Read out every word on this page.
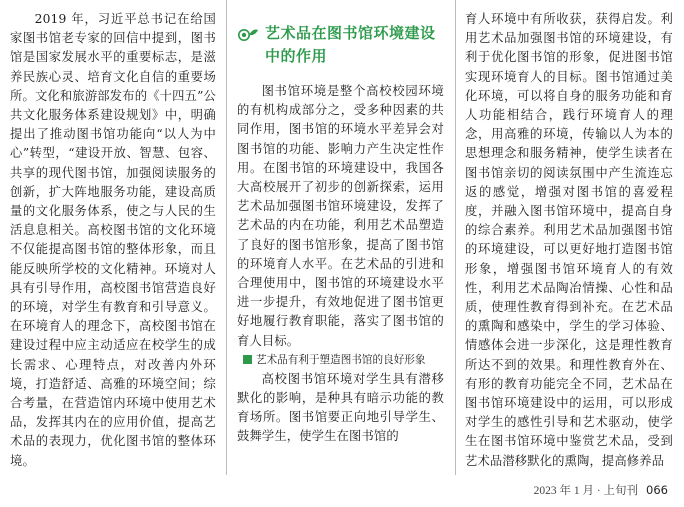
2019 年，习近平总书记在给国家图书馆老专家的回信中提到，图书馆是国家发展水平的重要标志，是滋养民族心灵、培育文化自信的重要场所。文化和旅游部发布的《十四五”公共文化服务体系建设规划》中，明确提出了推动图书馆功能向“以人为中心”转型，“建设开放、智慧、包容、共享的现代图书馆，加强阅读服务的创新，扩大阵地服务功能，建设高质量的文化服务体系，使之与人民的生活息息相关。高校图书馆的文化环境不仅能提高图书馆的整体形象，而且能反映所学校的文化精神。环境对人具有引导作用，高校图书馆营造良好的环境，对学生有教育和引导意义。在环境育人的理念下，高校图书馆在建设过程中应主动适应在校学生的成长需求、心理特点，对改善内外环境，打造舒适、高雅的环境空间；综合考量，在营造馆内环境中使用艺术品，发挥其内在的应用价值，提高艺术品的表现力，优化图书馆的整体环境。

艺术品在图书馆环境建设中的作用

图书馆环境是整个高校校园环境的有机构成部分之，受多种因素的共同作用，图书馆的环境水平差异会对图书馆的功能、影响力产生决定性作用。在图书馆的环境建设中，我国各大高校展开了初步的创新探索，运用艺术品加强图书馆环境建设，发挥了艺术品的内在功能，利用艺术品塑造了良好的图书馆形象，提高了图书馆的环境育人水平。在艺术品的引进和合理使用中，图书馆的环境建设水平进一步提升，有效地促进了图书馆更好地履行教育职能，落实了图书馆的育人目标。

艺术品有利于塑造图书馆的良好形象

高校图书馆环境对学生具有潜移默化的影响，是种具有暗示功能的教育场所。图书馆要正向地引导学生、鼓舞学生，使学生在图书馆的

育人环境中有所收获，获得启发。利用艺术品加强图书馆的环境建设，有利于优化图书馆的形象，促进图书馆实现环境育人的目标。图书馆通过美化环境，可以将自身的服务功能和育人功能相结合，践行环境育人的理念，用高雅的环境，传输以人为本的思想理念和服务精神，使学生读者在图书馆亲切的阅读氛围中产生流连忘返的感觉，增强对图书馆的喜爱程度，并融入图书馆环境中，提高自身的综合素养。利用艺术品加强图书馆的环境建设，可以更好地打造图书馆形象，增强图书馆环境育人的有效性，利用艺术品陶冶情操、心性和品质，使理性教育得到补充。在艺术品的熏陶和感染中，学生的学习体验、情感体会进一步深化，这是理性教育所达不到的效果。和理性教育外在、有形的教育功能完全不同，艺术品在图书馆环境建设中的运用，可以形成对学生的感性引导和艺术驱动，使学生在图书馆环境中鉴赏艺术品，受到艺术品潜移默化的熏陶，提高修养品

2023 年 1 月 · 上旬刊 066
